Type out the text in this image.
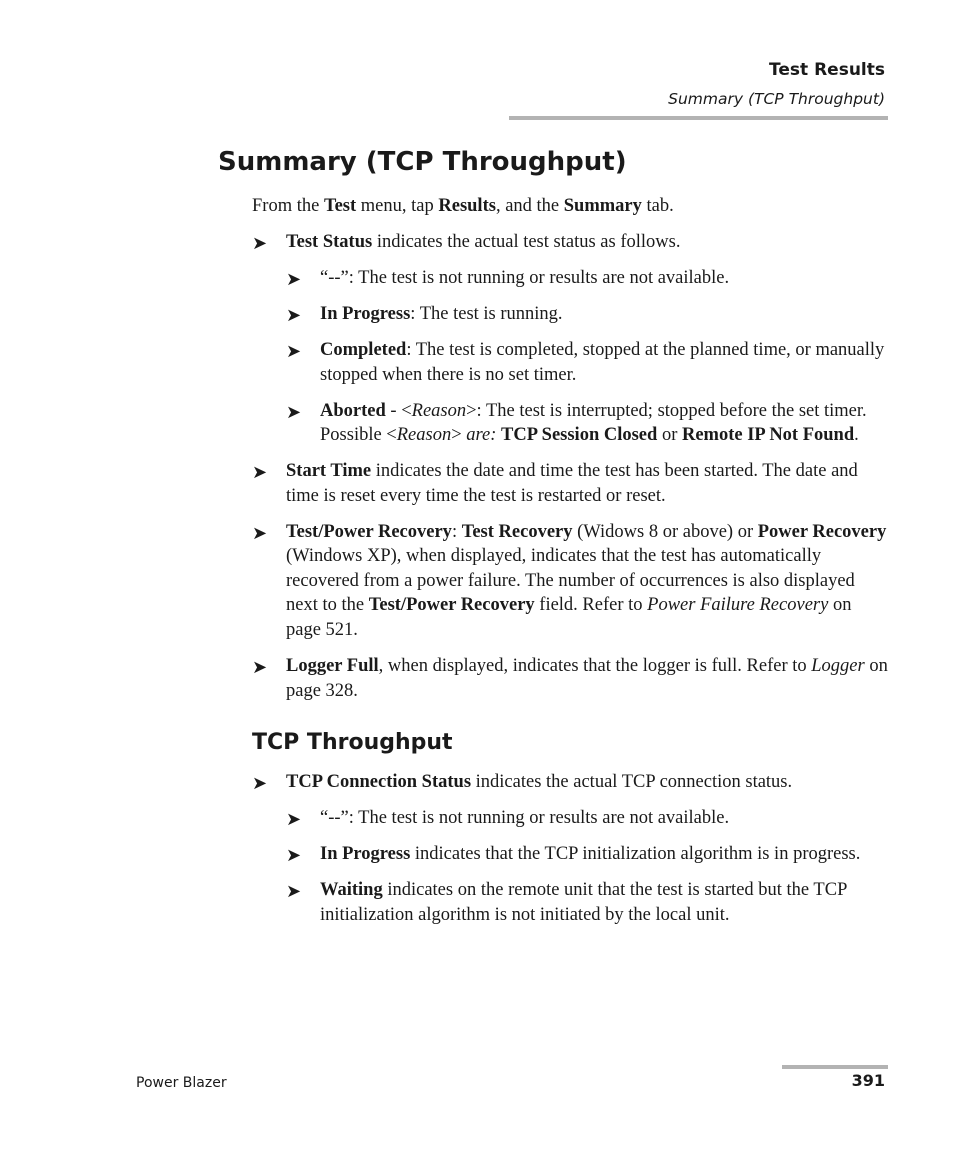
Test Results
Summary (TCP Throughput)
Summary (TCP Throughput)

From the Test menu, tap Results, and the Summary tab.

➤ Test Status indicates the actual test status as follows.
➤ “--”: The test is not running or results are not available.
➤ In Progress: The test is running.
➤ Completed: The test is completed, stopped at the planned time, or manually stopped when there is no set timer.
➤ Aborted - <Reason>: The test is interrupted; stopped before the set timer. Possible <Reason> are: TCP Session Closed or Remote IP Not Found.
➤ Start Time indicates the date and time the test has been started. The date and time is reset every time the test is restarted or reset.
➤ Test/Power Recovery: Test Recovery (Widows 8 or above) or Power Recovery (Windows XP), when displayed, indicates that the test has automatically recovered from a power failure. The number of occurrences is also displayed next to the Test/Power Recovery field. Refer to Power Failure Recovery on page 521.
➤ Logger Full, when displayed, indicates that the logger is full. Refer to Logger on page 328.
TCP Throughput
➤ TCP Connection Status indicates the actual TCP connection status.
➤ “--”: The test is not running or results are not available.
➤ In Progress indicates that the TCP initialization algorithm is in progress.
➤ Waiting indicates on the remote unit that the test is started but the TCP initialization algorithm is not initiated by the local unit.
Power Blazer	391
